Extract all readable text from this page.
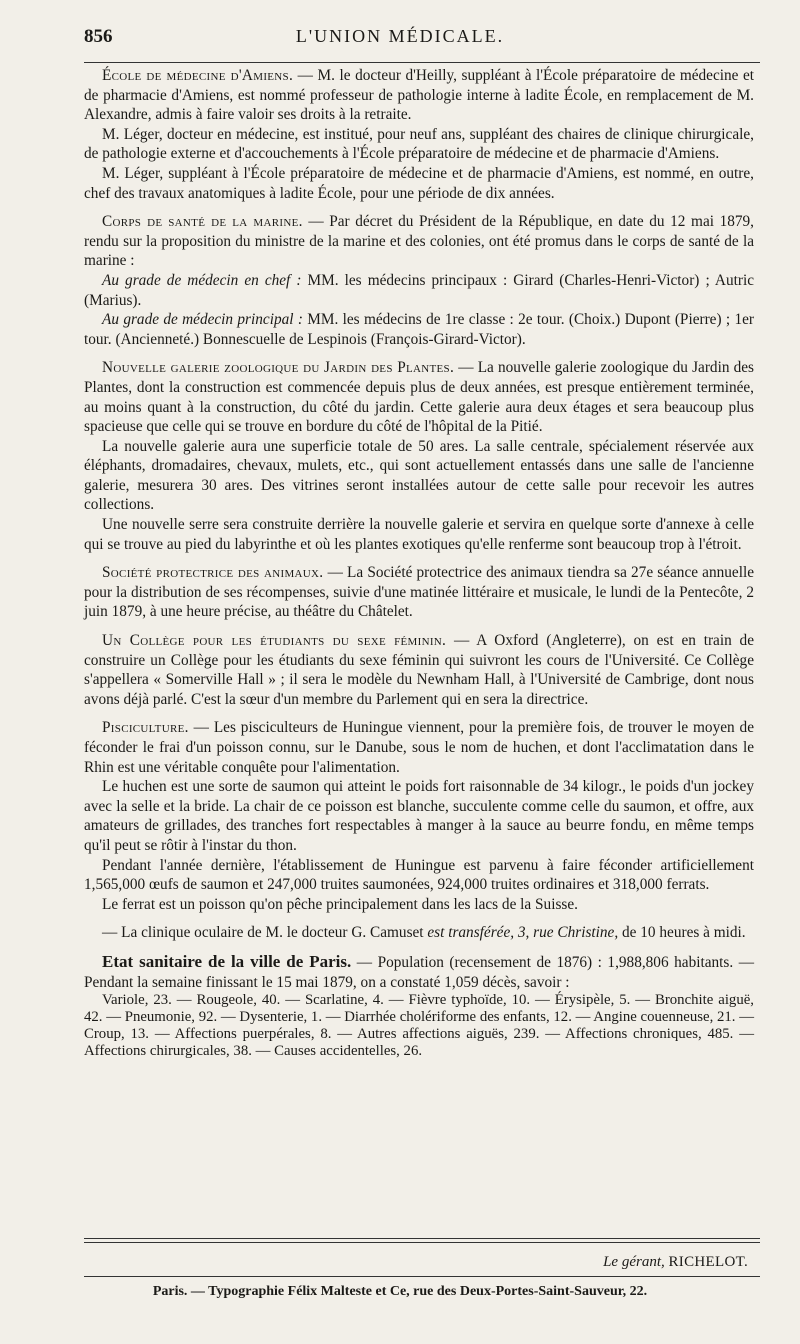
856	L'UNION MÉDICALE.

École de médecine d'Amiens. — M. le docteur d'Heilly, suppléant à l'École préparatoire de médecine et de pharmacie d'Amiens, est nommé professeur de pathologie interne à ladite École, en remplacement de M. Alexandre, admis à faire valoir ses droits à la retraite.

M. Léger, docteur en médecine, est institué, pour neuf ans, suppléant des chaires de clinique chirurgicale, de pathologie externe et d'accouchements à l'École préparatoire de médecine et de pharmacie d'Amiens.

M. Léger, suppléant à l'École préparatoire de médecine et de pharmacie d'Amiens, est nommé, en outre, chef des travaux anatomiques à ladite École, pour une période de dix années.

Corps de santé de la marine. — Par décret du Président de la République, en date du 12 mai 1879, rendu sur la proposition du ministre de la marine et des colonies, ont été promus dans le corps de santé de la marine :

Au grade de médecin en chef : MM. les médecins principaux : Girard (Charles-Henri-Victor) ; Autric (Marius).

Au grade de médecin principal : MM. les médecins de 1re classe : 2e tour. (Choix.) Dupont (Pierre) ; 1er tour. (Ancienneté.) Bonnescuelle de Lespinois (François-Girard-Victor).

Nouvelle galerie zoologique du Jardin des Plantes. — La nouvelle galerie zoologique du Jardin des Plantes, dont la construction est commencée depuis plus de deux années, est presque entièrement terminée, au moins quant à la construction, du côté du jardin. Cette galerie aura deux étages et sera beaucoup plus spacieuse que celle qui se trouve en bordure du côté de l'hôpital de la Pitié.

La nouvelle galerie aura une superficie totale de 50 ares. La salle centrale, spécialement réservée aux éléphants, dromadaires, chevaux, mulets, etc., qui sont actuellement entassés dans une salle de l'ancienne galerie, mesurera 30 ares. Des vitrines seront installées autour de cette salle pour recevoir les autres collections.

Une nouvelle serre sera construite derrière la nouvelle galerie et servira en quelque sorte d'annexe à celle qui se trouve au pied du labyrinthe et où les plantes exotiques qu'elle renferme sont beaucoup trop à l'étroit.

Société protectrice des animaux. — La Société protectrice des animaux tiendra sa 27e séance annuelle pour la distribution de ses récompenses, suivie d'une matinée littéraire et musicale, le lundi de la Pentecôte, 2 juin 1879, à une heure précise, au théâtre du Châtelet.

Un Collège pour les étudiants du sexe féminin. — A Oxford (Angleterre), on est en train de construire un Collège pour les étudiants du sexe féminin qui suivront les cours de l'Université. Ce Collège s'appellera « Somerville Hall » ; il sera le modèle du Newnham Hall, à l'Université de Cambrige, dont nous avons déjà parlé. C'est la sœur d'un membre du Parlement qui en sera la directrice.

Pisciculture. — Les pisciculteurs de Huningue viennent, pour la première fois, de trouver le moyen de féconder le frai d'un poisson connu, sur le Danube, sous le nom de huchen, et dont l'acclimatation dans le Rhin est une véritable conquête pour l'alimentation.

Le huchen est une sorte de saumon qui atteint le poids fort raisonnable de 34 kilogr., le poids d'un jockey avec la selle et la bride. La chair de ce poisson est blanche, succulente comme celle du saumon, et offre, aux amateurs de grillades, des tranches fort respectables à manger à la sauce au beurre fondu, en même temps qu'il peut se rôtir à l'instar du thon.

Pendant l'année dernière, l'établissement de Huningue est parvenu à faire féconder artificiellement 1,565,000 œufs de saumon et 247,000 truites saumonées, 924,000 truites ordinaires et 318,000 ferrats.

Le ferrat est un poisson qu'on pêche principalement dans les lacs de la Suisse.

— La clinique oculaire de M. le docteur G. Camuset est transférée, 3, rue Christine, de 10 heures à midi.

Etat sanitaire de la ville de Paris. — Population (recensement de 1876) : 1,988,806 habitants. — Pendant la semaine finissant le 15 mai 1879, on a constaté 1,059 décès, savoir :

Variole, 23. — Rougeole, 40. — Scarlatine, 4. — Fièvre typhoïde, 10. — Érysipèle, 5. — Bronchite aiguë, 42. — Pneumonie, 92. — Dysenterie, 1. — Diarrhée cholériforme des enfants, 12. — Angine couenneuse, 21. — Croup, 13. — Affections puerpérales, 8. — Autres affections aiguës, 239. — Affections chroniques, 485. — Affections chirurgicales, 38. — Causes accidentelles, 26.

Le gérant, RICHELOT.
Paris. — Typographie Félix Malteste et Ce, rue des Deux-Portes-Saint-Sauveur, 22.
